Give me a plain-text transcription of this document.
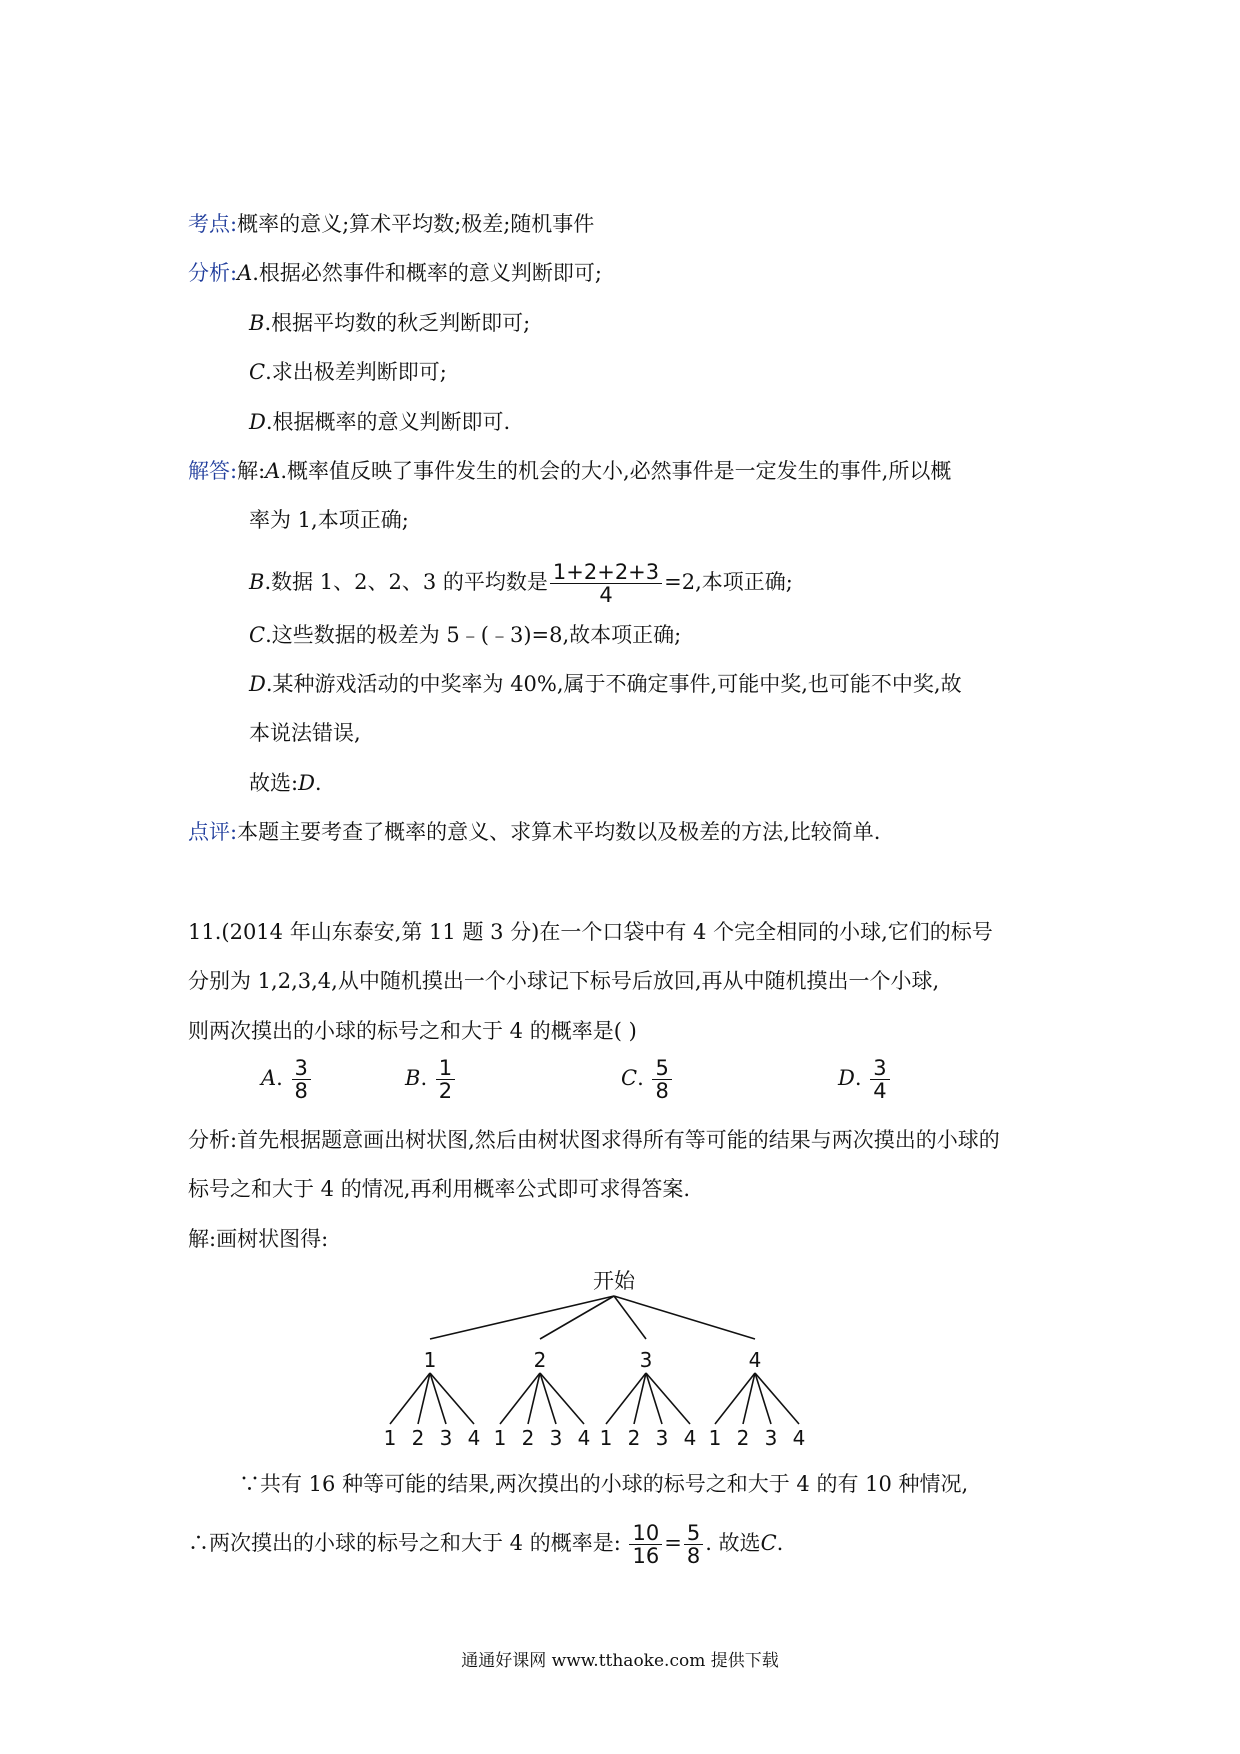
考点:概率的意义;算术平均数;极差;随机事件
分析:A.根据必然事件和概率的意义判断即可;
B.根据平均数的秋乏判断即可;
C.求出极差判断即可;
D.根据概率的意义判断即可.
解答:解:A.概率值反映了事件发生的机会的大小,必然事件是一定发生的事件,所以概
率为 1,本项正确;
B.数据 1、2、2、3 的平均数是 $\frac{1+2+2+3}{4} =2$,本项正确;
C.这些数据的极差为 5﹣(﹣3)=8,故本项正确;
D.某种游戏活动的中奖率为 40%,属于不确定事件,可能中奖,也可能不中奖,故
本说法错误,
故选:D.
点评:本题主要考查了概率的意义、求算术平均数以及极差的方法,比较简单.
11.(2014 年山东泰安,第 11 题 3 分)在一个口袋中有 4 个完全相同的小球,它们的标号
分别为 1,2,3,4,从中随机摸出一个小球记下标号后放回,再从中随机摸出一个小球,
则两次摸出的小球的标号之和大于 4 的概率是( )
A. $\frac{3}{8}$	B. $\frac{1}{2}$	C. $\frac{5}{8}$	D. $\frac{3}{4}$
分析:首先根据题意画出树状图,然后由树状图求得所有等可能的结果与两次摸出的小球的
标号之和大于 4 的情况,再利用概率公式即可求得答案.
解:画树状图得:
开始
1
1 2 3 4
2
1 2 3 4
3
1 2 3 4
4
1 2 3 4
∵共有 16 种等可能的结果,两次摸出的小球的标号之和大于 4 的有 10 种情况,
∴两次摸出的小球的标号之和大于 4 的概率是: $\frac{10}{16} = \frac{5}{8}$ . 故选C.
通通好课网 www.tthaoke.com 提供下载
